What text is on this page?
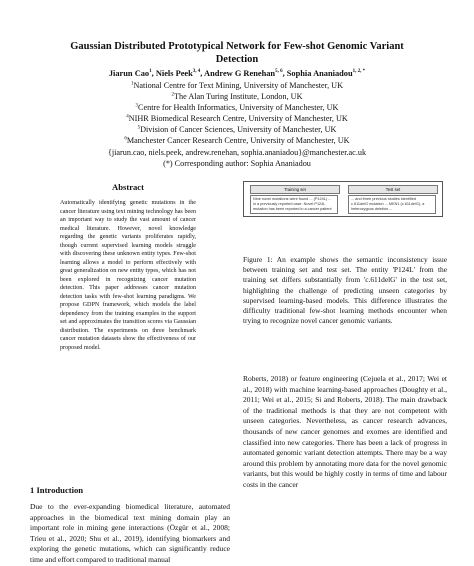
Gaussian Distributed Prototypical Network for Few-shot Genomic Variant Detection
Jiarun Cao$^1$, Niels Peek$^{3, 4}$, Andrew G Renehan$^{5, 6}$, Sophia Ananiadou$^{1, 2, *}$
$^1$National Centre for Text Mining, University of Manchester, UK
$^2$The Alan Turing Institute, London, UK
$^3$Centre for Health Informatics, University of Manchester, UK
$^4$NIHR Biomedical Research Centre, University of Manchester, UK
$^5$Division of Cancer Sciences, University of Manchester, UK
$^6$Manchester Cancer Research Centre, University of Manchester, UK
{jiarun.cao, niels.peek, andrew.renehan, sophia.ananiadou}@manchester.ac.uk
(*) Corresponding author: Sophia Ananiadou
Abstract
Automatically identifying genetic mutations in the cancer literature using text mining technology has been an important way to study the vast amount of cancer medical literature. However, novel knowledge regarding the genetic variants proliferates rapidly, though current supervised learning models struggle with discovering these unknown entity types. Few-shot learning allows a model to perform effectively with great generalization on new entity types, which has not been explored in recognizing cancer mutation detection. This paper addresses cancer mutation detection tasks with few-shot learning paradigms. We propose GDPN framework, which models the label dependency from the training examples in the support set and approximates the transition scores via Gaussian distribution. The experiments on three benchmark cancer mutation datasets show the effectiveness of our proposed model.
Training set	Test set
Nine novel mutations were found ... (P124L) ... in a previously reported case. Novel P124L mutation has been reported in a cancer patient ...
... and three previous studies identified c.611delG mutation ... MEN1 (c.611delG), a heterozygous deletion ...
Figure 1: An example shows the semantic inconsistency issue between training set and test set. The entity 'P124L' from the training set differs substantially from 'c.611delG' in the test set, highlighting the challenge of predicting unseen categories by supervised learning-based models. This difference illustrates the difficulty traditional few-shot learning methods encounter when trying to recognize novel cancer genomic variants.
Roberts, 2018) or feature engineering (Cejuela et al., 2017; Wei et al., 2018) with machine learning-based approaches (Doughty et al., 2011; Wei et al., 2015; Si and Roberts, 2018). The main drawback of the traditional methods is that they are not competent with unseen categories. Nevertheless, as cancer research advances, thousands of new cancer genomes and exomes are identified and classified into new categories. There has been a lack of progress in automated genomic variant detection attempts. There may be a way around this problem by annotating more data for the novel genomic variants, but this would be highly costly in terms of time and labour costs in the cancer
1 Introduction
Due to the ever-expanding biomedical literature, automated approaches in the biomedical text mining domain play an important role in mining gene interactions (Özgür et al., 2008; Trieu et al., 2020; Shu et al., 2019), identifying biomarkers and exploring the genetic mutations, which can significantly reduce time and effort compared to traditional manual
